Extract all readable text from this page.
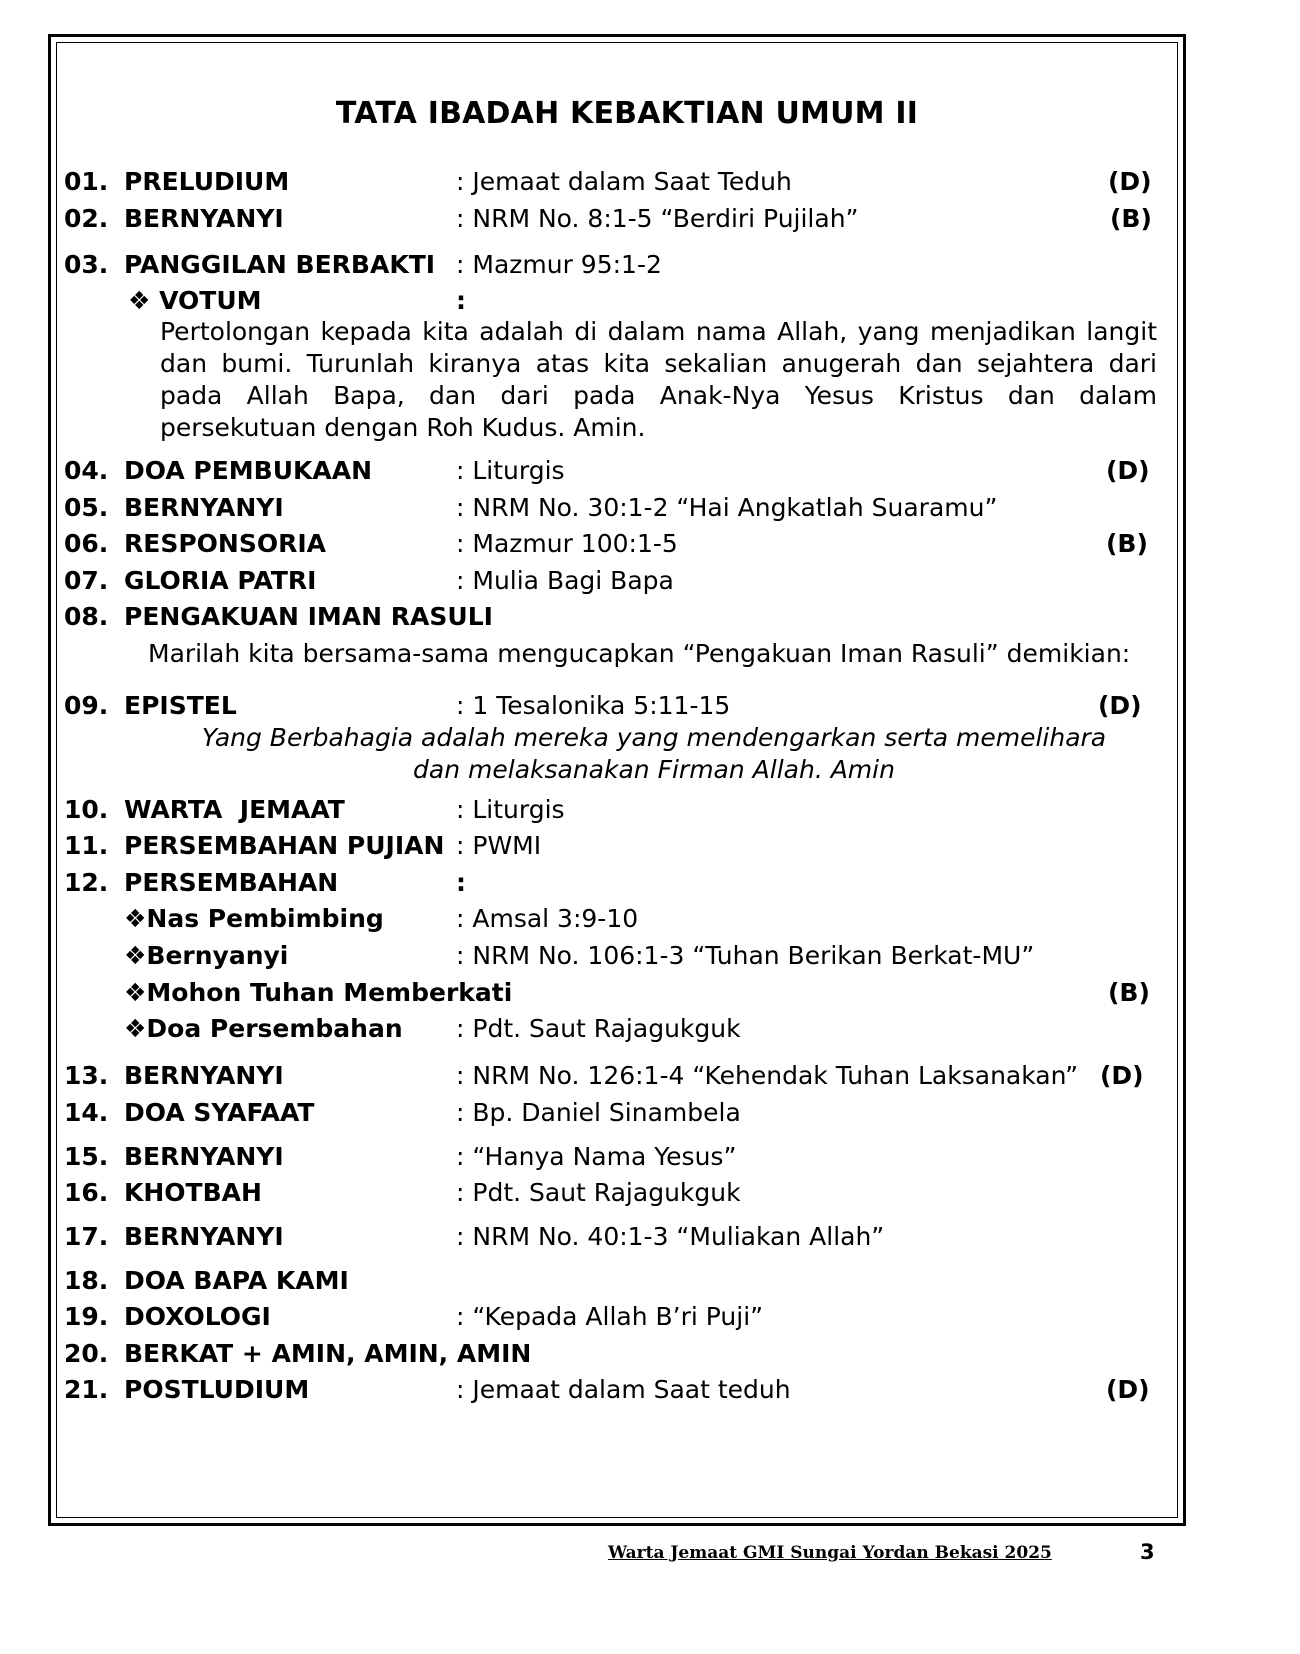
TATA IBADAH KEBAKTIAN UMUM II
01. PRELUDIUM	: Jemaat dalam Saat Teduh	(D)
02. BERNYANYI	: NRM No. 8:1-5 “Berdiri Pujilah”	(B)
03. PANGGILAN BERBAKTI : Mazmur 95:1-2
❖ VOTUM	:
Pertolongan kepada kita adalah di dalam nama Allah, yang menjadikan langit dan bumi. Turunlah kiranya atas kita sekalian anugerah dan sejahtera dari pada Allah Bapa, dan dari pada Anak-Nya Yesus Kristus dan dalam persekutuan dengan Roh Kudus. Amin.
04. DOA PEMBUKAAN	: Liturgis	(D)
05. BERNYANYI	: NRM No. 30:1-2 “Hai Angkatlah Suaramu”
06. RESPONSORIA	: Mazmur 100:1-5	(B)
07. GLORIA PATRI	: Mulia Bagi Bapa
08. PENGAKUAN IMAN RASULI
Marilah kita bersama-sama mengucapkan “Pengakuan Iman Rasuli” demikian:
09. EPISTEL	: 1 Tesalonika 5:11-15	(D)
Yang Berbahagia adalah mereka yang mendengarkan serta memelihara
dan melaksanakan Firman Allah. Amin
10. WARTA  JEMAAT	: Liturgis
11. PERSEMBAHAN PUJIAN : PWMI
12. PERSEMBAHAN	:
❖Nas Pembimbing	: Amsal 3:9-10
❖Bernyanyi	: NRM No. 106:1-3 “Tuhan Berikan Berkat-MU”
❖Mohon Tuhan Memberkati	(B)
❖Doa Persembahan : Pdt. Saut Rajagukguk
13. BERNYANYI	: NRM No. 126:1-4 “Kehendak Tuhan Laksanakan” (D)
14. DOA SYAFAAT	: Bp. Daniel Sinambela
15. BERNYANYI	: “Hanya Nama Yesus”
16. KHOTBAH	: Pdt. Saut Rajagukguk
17. BERNYANYI	: NRM No. 40:1-3 “Muliakan Allah”
18. DOA BAPA KAMI
19. DOXOLOGI	: “Kepada Allah B’ri Puji”
20. BERKAT + AMIN, AMIN, AMIN
21. POSTLUDIUM	: Jemaat dalam Saat teduh	(D)
Warta Jemaat GMI Sungai Yordan Bekasi 2025	3
